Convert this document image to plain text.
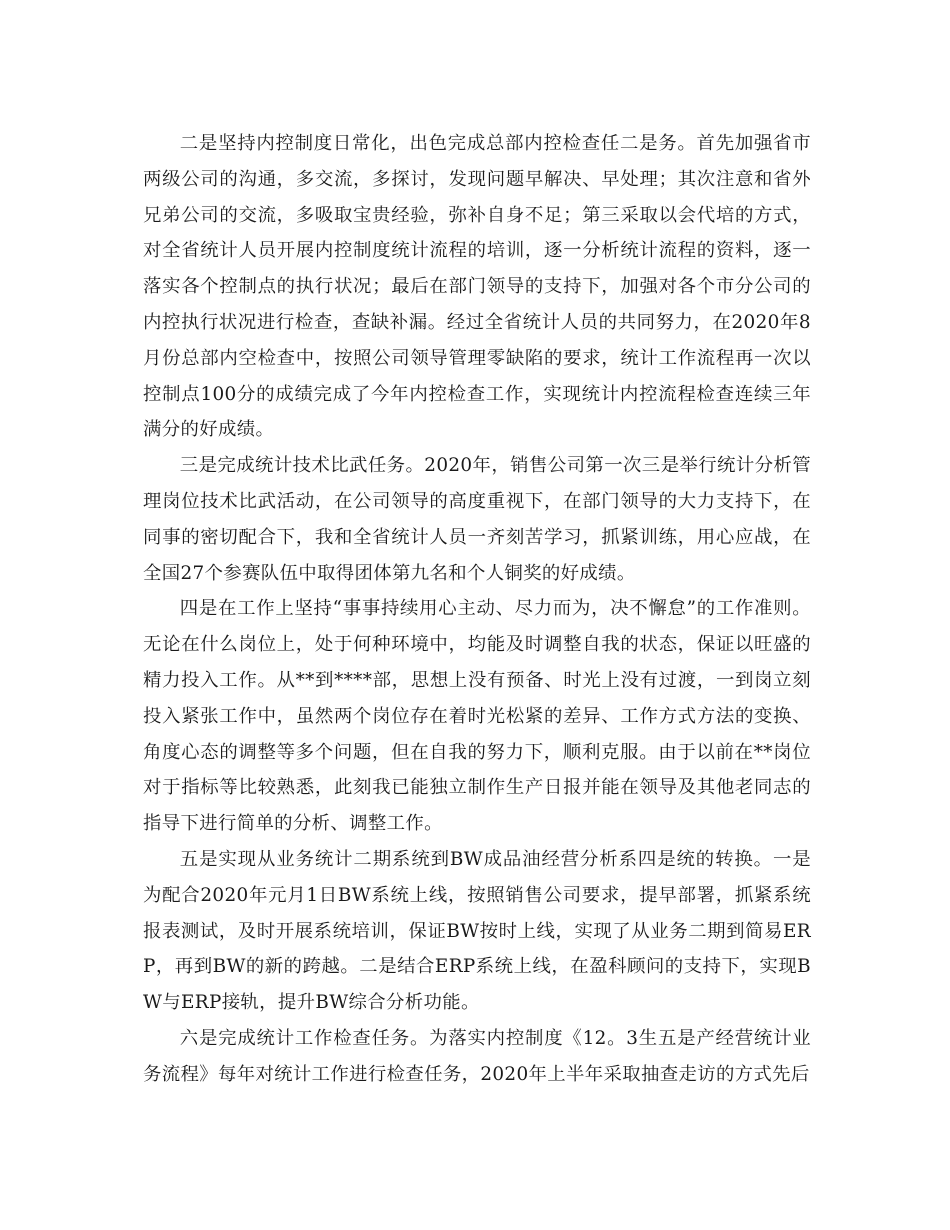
二是坚持内控制度日常化，出色完成总部内控检查任二是务。首先加强省市两级公司的沟通，多交流，多探讨，发现问题早解决、早处理；其次注意和省外兄弟公司的交流，多吸取宝贵经验，弥补自身不足；第三采取以会代培的方式，对全省统计人员开展内控制度统计流程的培训，逐一分析统计流程的资料，逐一落实各个控制点的执行状况；最后在部门领导的支持下，加强对各个市分公司的内控执行状况进行检查，查缺补漏。经过全省统计人员的共同努力，在2020年8月份总部内空检查中，按照公司领导管理零缺陷的要求，统计工作流程再一次以控制点100分的成绩完成了今年内控检查工作，实现统计内控流程检查连续三年满分的好成绩。

三是完成统计技术比武任务。2020年，销售公司第一次三是举行统计分析管理岗位技术比武活动，在公司领导的高度重视下，在部门领导的大力支持下，在同事的密切配合下，我和全省统计人员一齐刻苦学习，抓紧训练，用心应战，在全国27个参赛队伍中取得团体第九名和个人铜奖的好成绩。

四是在工作上坚持“事事持续用心主动、尽力而为，决不懈怠”的工作准则。无论在什么岗位上，处于何种环境中，均能及时调整自我的状态，保证以旺盛的精力投入工作。从**到****部，思想上没有预备、时光上没有过渡，一到岗立刻投入紧张工作中，虽然两个岗位存在着时光松紧的差异、工作方式方法的变换、角度心态的调整等多个问题，但在自我的努力下，顺利克服。由于以前在**岗位对于指标等比较熟悉，此刻我已能独立制作生产日报并能在领导及其他老同志的指导下进行简单的分析、调整工作。

五是实现从业务统计二期系统到BW成品油经营分析系四是统的转换。一是为配合2020年元月1日BW系统上线，按照销售公司要求，提早部署，抓紧系统报表测试，及时开展系统培训，保证BW按时上线，实现了从业务二期到简易ERP，再到BW的新的跨越。二是结合ERP系统上线，在盈科顾问的支持下，实现BW与ERP接轨，提升BW综合分析功能。

六是完成统计工作检查任务。为落实内控制度《12。3生五是产经营统计业务流程》每年对统计工作进行检查任务，2020年上半年采取抽查走访的方式先后
